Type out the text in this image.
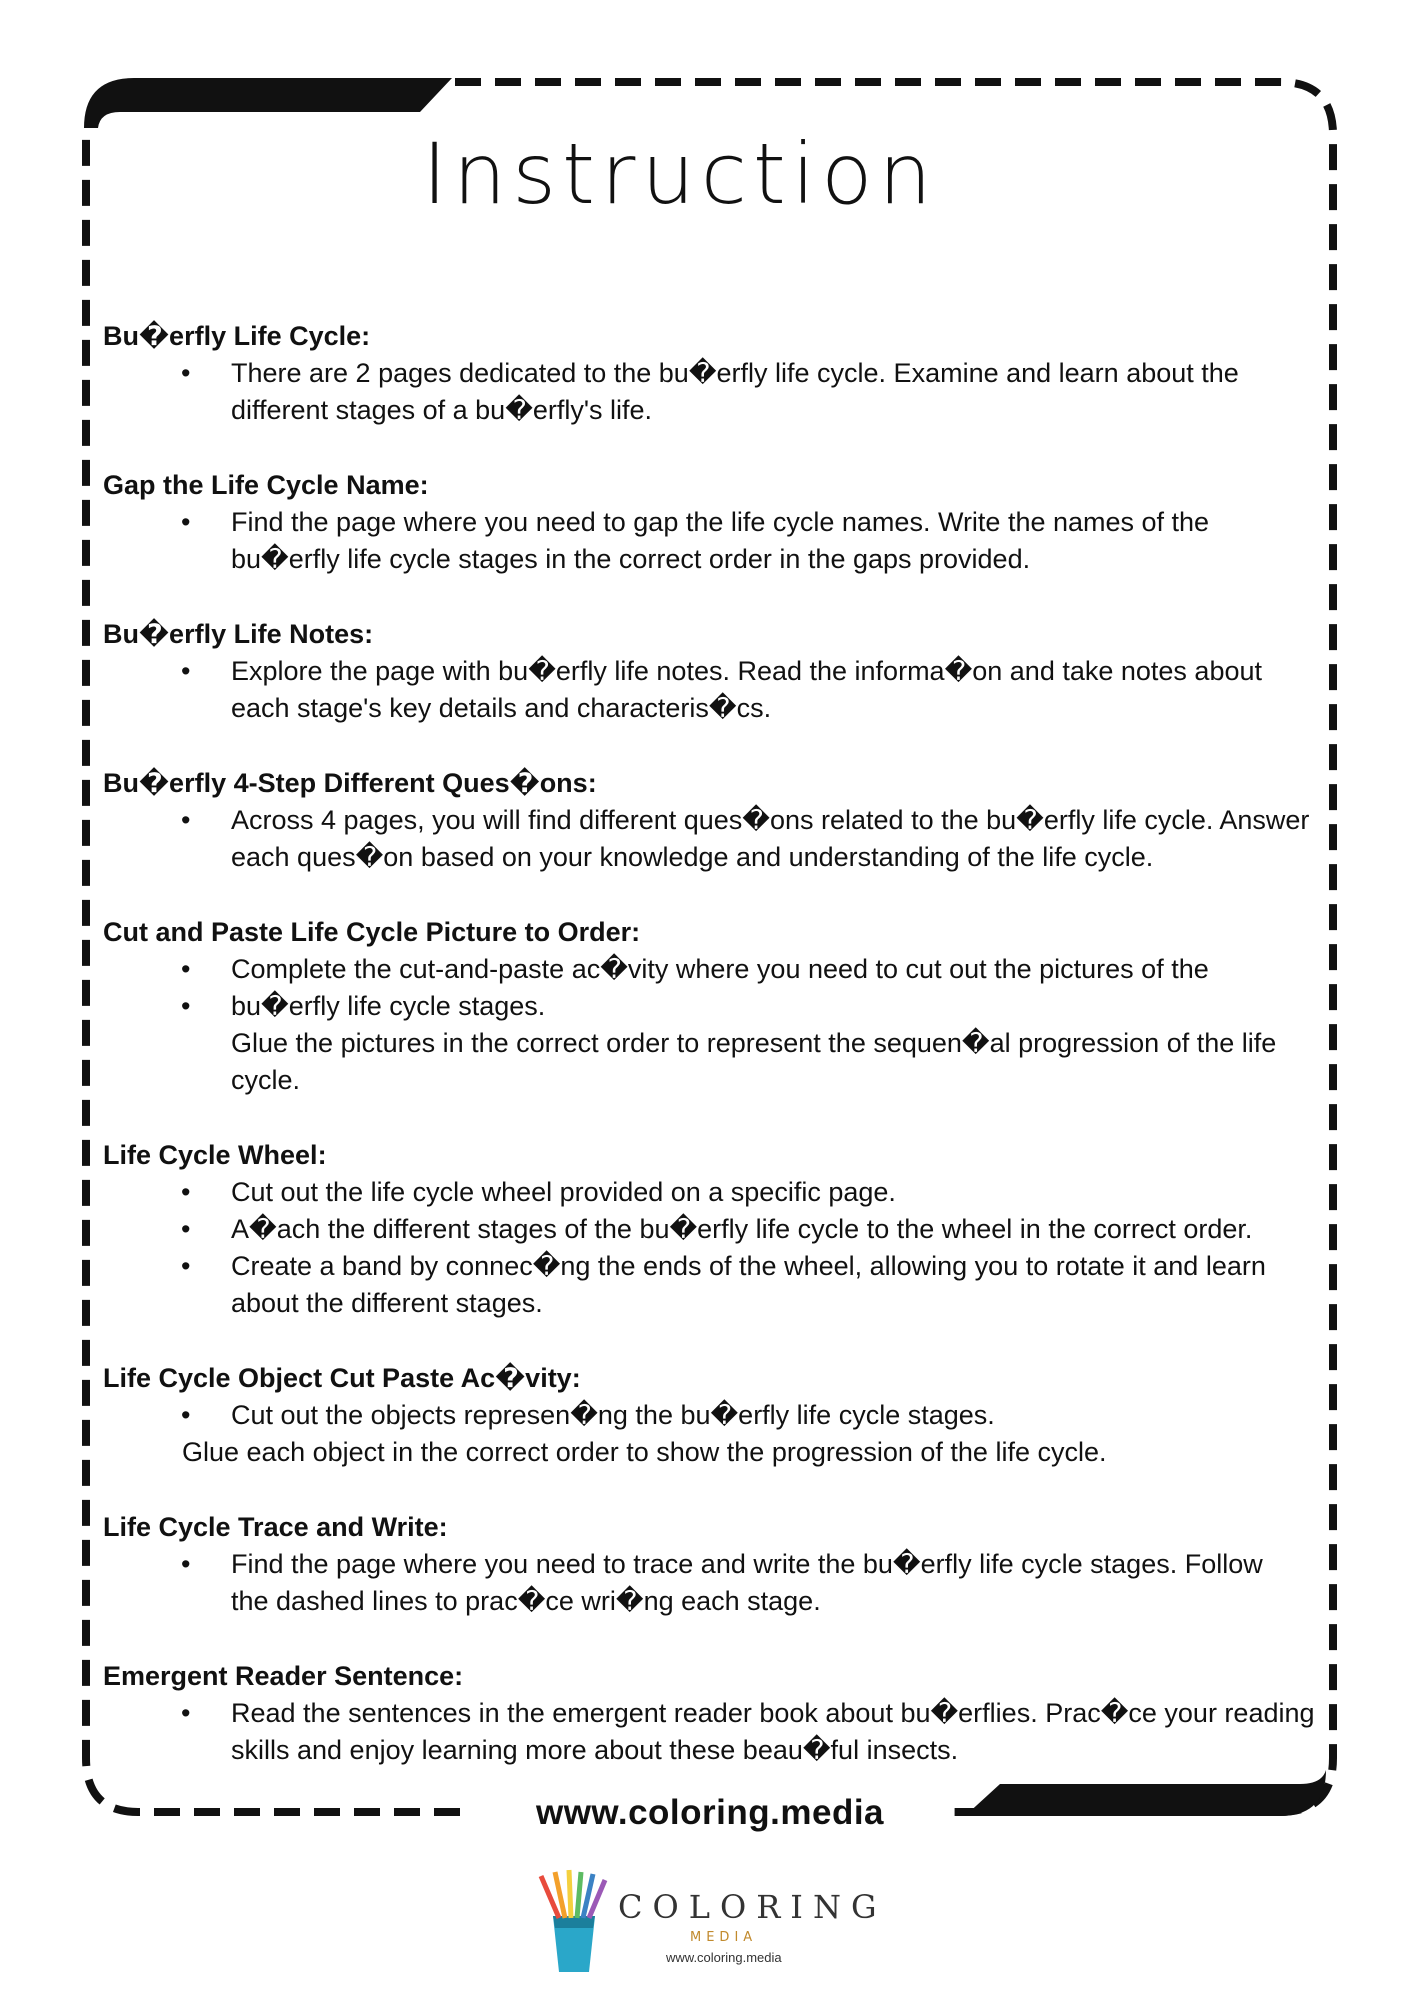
Instruction
Bu�erfly Life Cycle:
• There are 2 pages dedicated to the bu�erfly life cycle. Examine and learn about the
different stages of a bu�erfly's life.
Gap the Life Cycle Name:
• Find the page where you need to gap the life cycle names. Write the names of the
bu�erfly life cycle stages in the correct order in the gaps provided.
Bu�erfly Life Notes:
• Explore the page with bu�erfly life notes. Read the informa�on and take notes about
each stage's key details and characteris�cs.
Bu�erfly 4-Step Different Ques�ons:
• Across 4 pages, you will find different ques�ons related to the bu�erfly life cycle. Answer
each ques�on based on your knowledge and understanding of the life cycle.
Cut and Paste Life Cycle Picture to Order:
• Complete the cut-and-paste ac�vity where you need to cut out the pictures of the
• bu�erfly life cycle stages.
Glue the pictures in the correct order to represent the sequen�al progression of the life
cycle.
Life Cycle Wheel:
• Cut out the life cycle wheel provided on a specific page.
• A�ach the different stages of the bu�erfly life cycle to the wheel in the correct order.
• Create a band by connec�ng the ends of the wheel, allowing you to rotate it and learn
about the different stages.
Life Cycle Object Cut Paste Ac�vity:
• Cut out the objects represen�ng the bu�erfly life cycle stages.
Glue each object in the correct order to show the progression of the life cycle.
Life Cycle Trace and Write:
• Find the page where you need to trace and write the bu�erfly life cycle stages. Follow
the dashed lines to prac�ce wri�ng each stage.
Emergent Reader Sentence:
• Read the sentences in the emergent reader book about bu�erflies. Prac�ce your reading
skills and enjoy learning more about these beau�ful insects.
www.coloring.media
COLORING
MEDIA
www.coloring.media
